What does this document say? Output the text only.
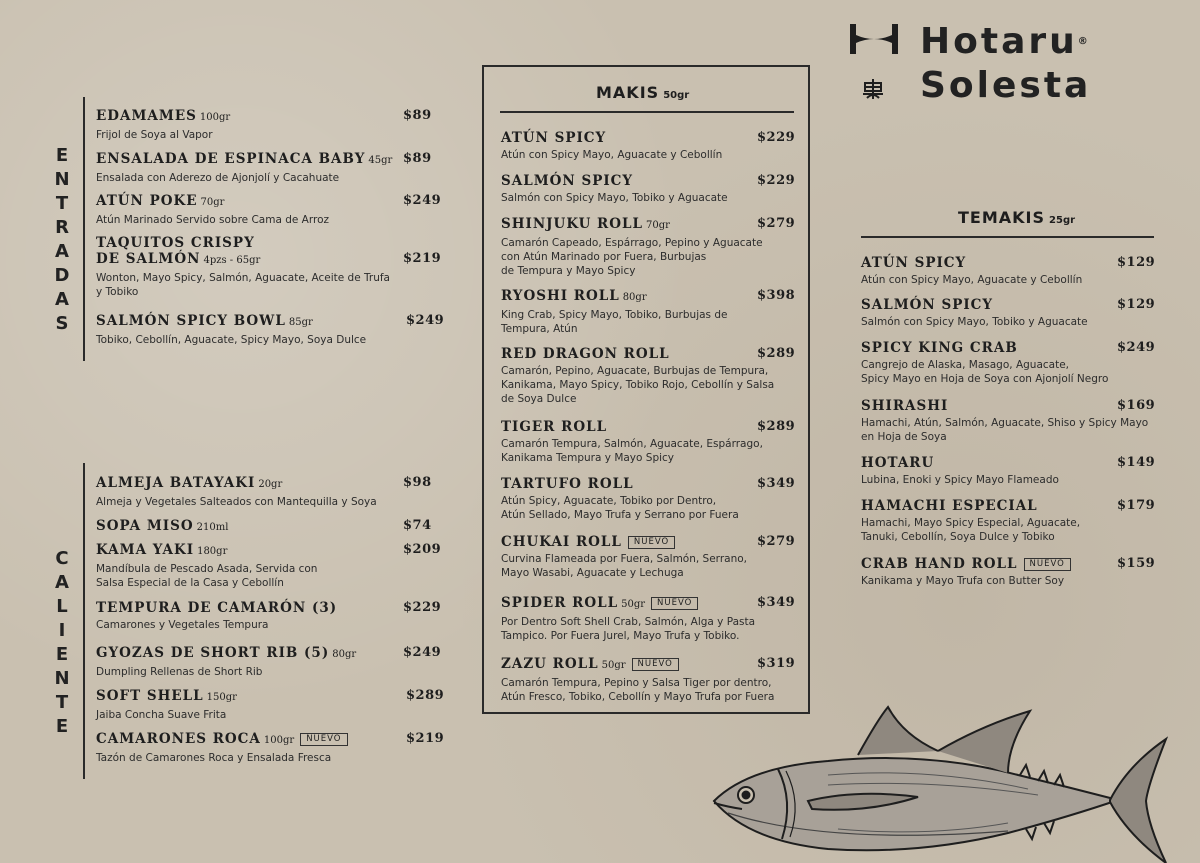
Hotaru®
Solesta
E
N
T
R
A
D
A
S
EDAMAMES 100gr
Frijol de Soya al Vapor
$89
ENSALADA DE ESPINACA BABY 45gr
Ensalada con Aderezo de Ajonjolí y Cacahuate
$89
ATÚN POKE 70gr
Atún Marinado Servido sobre Cama de Arroz
$249
TAQUITOS CRISPY
DE SALMÓN 4pzs - 65gr
Wonton, Mayo Spicy, Salmón, Aguacate, Aceite de Trufa
y Tobiko
$219
SALMÓN SPICY BOWL 85gr
Tobiko, Cebollín, Aguacate, Spicy Mayo, Soya Dulce
$249
C
A
L
I
E
N
T
E
ALMEJA BATAYAKI 20gr
Almeja y Vegetales Salteados con Mantequilla y Soya
$98
SOPA MISO 210ml	$74
KAMA YAKI 180gr
Mandíbula de Pescado Asada, Servida con
Salsa Especial de la Casa y Cebollín
$209
TEMPURA DE CAMARÓN (3)
Camarones y Vegetales Tempura
$229
GYOZAS DE SHORT RIB (5) 80gr
Dumpling Rellenas de Short Rib
$249
SOFT SHELL 150gr
Jaiba Concha Suave Frita
$289
CAMARONES ROCA 100gr NUEVO
Tazón de Camarones Roca y Ensalada Fresca
$219
MAKIS 50gr
ATÚN SPICY
Atún con Spicy Mayo, Aguacate y Cebollín
$229
SALMÓN SPICY
Salmón con Spicy Mayo, Tobiko y Aguacate
$229
SHINJUKU ROLL 70gr
Camarón Capeado, Espárrago, Pepino y Aguacate
con Atún Marinado por Fuera, Burbujas
de Tempura y Mayo Spicy
$279
RYOSHI ROLL 80gr
King Crab, Spicy Mayo, Tobiko, Burbujas de
Tempura, Atún
$398
RED DRAGON ROLL
Camarón, Pepino, Aguacate, Burbujas de Tempura,
Kanikama, Mayo Spicy, Tobiko Rojo, Cebollín y Salsa
de Soya Dulce
$289
TIGER ROLL
Camarón Tempura, Salmón, Aguacate, Espárrago,
Kanikama Tempura y Mayo Spicy
$289
TARTUFO ROLL
Atún Spicy, Aguacate, Tobiko por Dentro,
Atún Sellado, Mayo Trufa y Serrano por Fuera
$349
CHUKAI ROLL NUEVO
Curvina Flameada por Fuera, Salmón, Serrano,
Mayo Wasabi, Aguacate y Lechuga
$279
SPIDER ROLL 50gr NUEVO
Por Dentro Soft Shell Crab, Salmón, Alga y Pasta
Tampico. Por Fuera Jurel, Mayo Trufa y Tobiko.
$349
ZAZU ROLL 50gr NUEVO
Camarón Tempura, Pepino y Salsa Tiger por dentro,
Atún Fresco, Tobiko, Cebollín y Mayo Trufa por Fuera
$319
TEMAKIS 25gr
ATÚN SPICY
Atún con Spicy Mayo, Aguacate y Cebollín
$129
SALMÓN SPICY
Salmón con Spicy Mayo, Tobiko y Aguacate
$129
SPICY KING CRAB
Cangrejo de Alaska, Masago, Aguacate,
Spicy Mayo en Hoja de Soya con Ajonjolí Negro
$249
SHIRASHI
Hamachi, Atún, Salmón, Aguacate, Shiso y Spicy Mayo
en Hoja de Soya
$169
HOTARU
Lubina, Enoki y Spicy Mayo Flameado
$149
HAMACHI ESPECIAL
Hamachi, Mayo Spicy Especial, Aguacate,
Tanuki, Cebollín, Soya Dulce y Tobiko
$179
CRAB HAND ROLL NUEVO
Kanikama y Mayo Trufa con Butter Soy
$159
